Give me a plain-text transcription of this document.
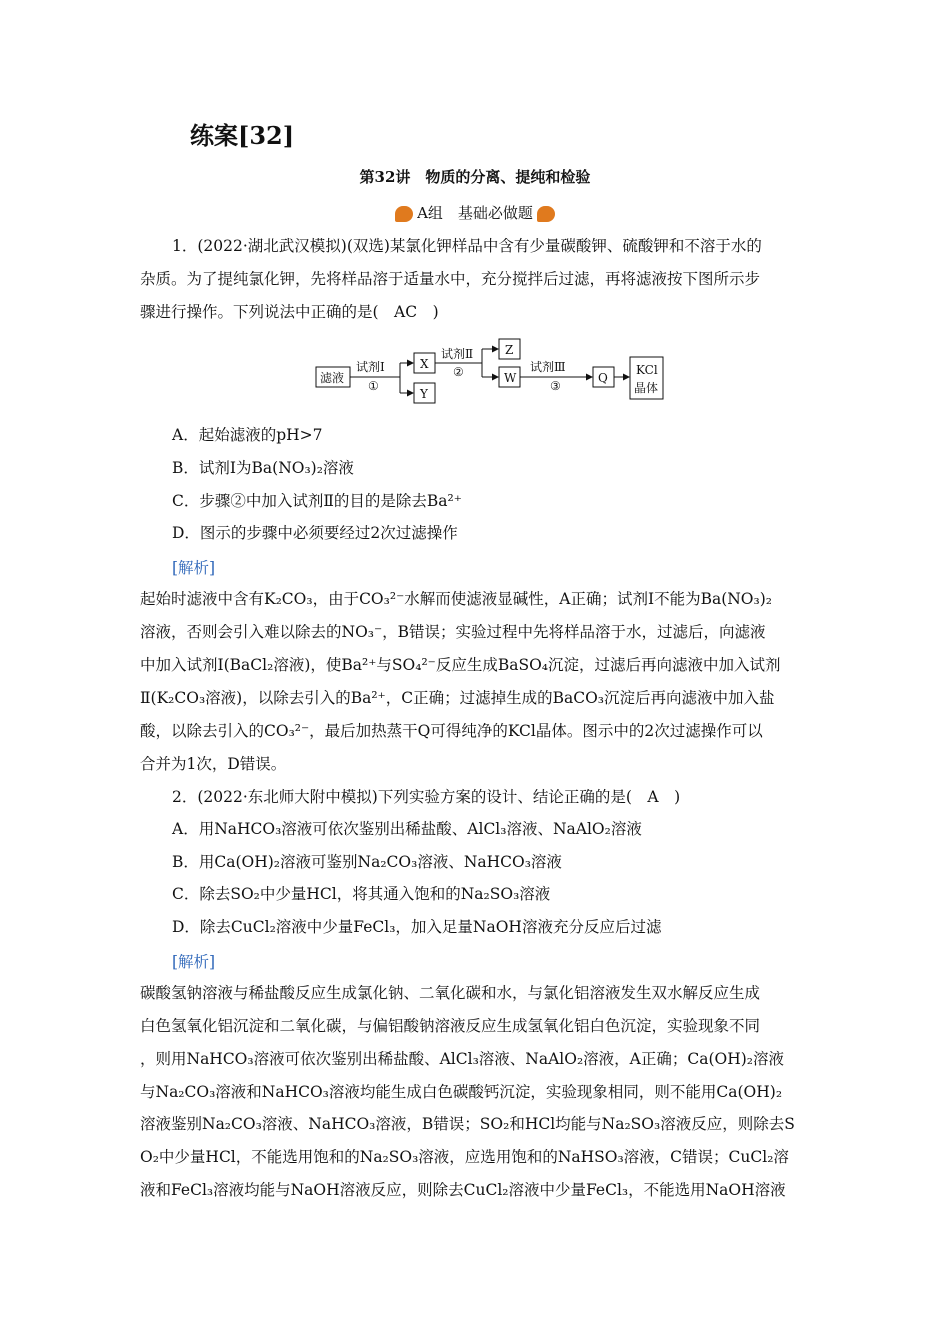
练案[32]
第32讲　物质的分离、提纯和检验
A组　基础必做题
1．(2022·湖北武汉模拟)(双选)某氯化钾样品中含有少量碳酸钾、硫酸钾和不溶于水的
杂质。为了提纯氯化钾，先将样品溶于适量水中，充分搅拌后过滤，再将滤液按下图所示步
骤进行操作。下列说法中正确的是(　AC　)
滤液
试剂Ⅰ
①
X
Y
试剂Ⅱ
②
Z
W
试剂Ⅲ
③
Q
KCl
晶体
A．起始滤液的pH>7
B．试剂Ⅰ为Ba(NO₃)₂溶液
C．步骤②中加入试剂Ⅱ的目的是除去Ba²⁺
D．图示的步骤中必须要经过2次过滤操作
[解析]
起始时滤液中含有K₂CO₃，由于CO₃²⁻水解而使滤液显碱性，A正确；试剂Ⅰ不能为Ba(NO₃)₂
溶液，否则会引入难以除去的NO₃⁻，B错误；实验过程中先将样品溶于水，过滤后，向滤液
中加入试剂Ⅰ(BaCl₂溶液)，使Ba²⁺与SO₄²⁻反应生成BaSO₄沉淀，过滤后再向滤液中加入试剂
Ⅱ(K₂CO₃溶液)，以除去引入的Ba²⁺，C正确；过滤掉生成的BaCO₃沉淀后再向滤液中加入盐
酸，以除去引入的CO₃²⁻，最后加热蒸干Q可得纯净的KCl晶体。图示中的2次过滤操作可以
合并为1次，D错误。
2．(2022·东北师大附中模拟)下列实验方案的设计、结论正确的是(　A　)
A．用NaHCO₃溶液可依次鉴别出稀盐酸、AlCl₃溶液、NaAlO₂溶液
B．用Ca(OH)₂溶液可鉴别Na₂CO₃溶液、NaHCO₃溶液
C．除去SO₂中少量HCl，将其通入饱和的Na₂SO₃溶液
D．除去CuCl₂溶液中少量FeCl₃，加入足量NaOH溶液充分反应后过滤
[解析]
碳酸氢钠溶液与稀盐酸反应生成氯化钠、二氧化碳和水，与氯化铝溶液发生双水解反应生成
白色氢氧化铝沉淀和二氧化碳，与偏铝酸钠溶液反应生成氢氧化铝白色沉淀，实验现象不同
，则用NaHCO₃溶液可依次鉴别出稀盐酸、AlCl₃溶液、NaAlO₂溶液，A正确；Ca(OH)₂溶液
与Na₂CO₃溶液和NaHCO₃溶液均能生成白色碳酸钙沉淀，实验现象相同，则不能用Ca(OH)₂
溶液鉴别Na₂CO₃溶液、NaHCO₃溶液，B错误；SO₂和HCl均能与Na₂SO₃溶液反应，则除去S
O₂中少量HCl，不能选用饱和的Na₂SO₃溶液，应选用饱和的NaHSO₃溶液，C错误；CuCl₂溶
液和FeCl₃溶液均能与NaOH溶液反应，则除去CuCl₂溶液中少量FeCl₃，不能选用NaOH溶液
